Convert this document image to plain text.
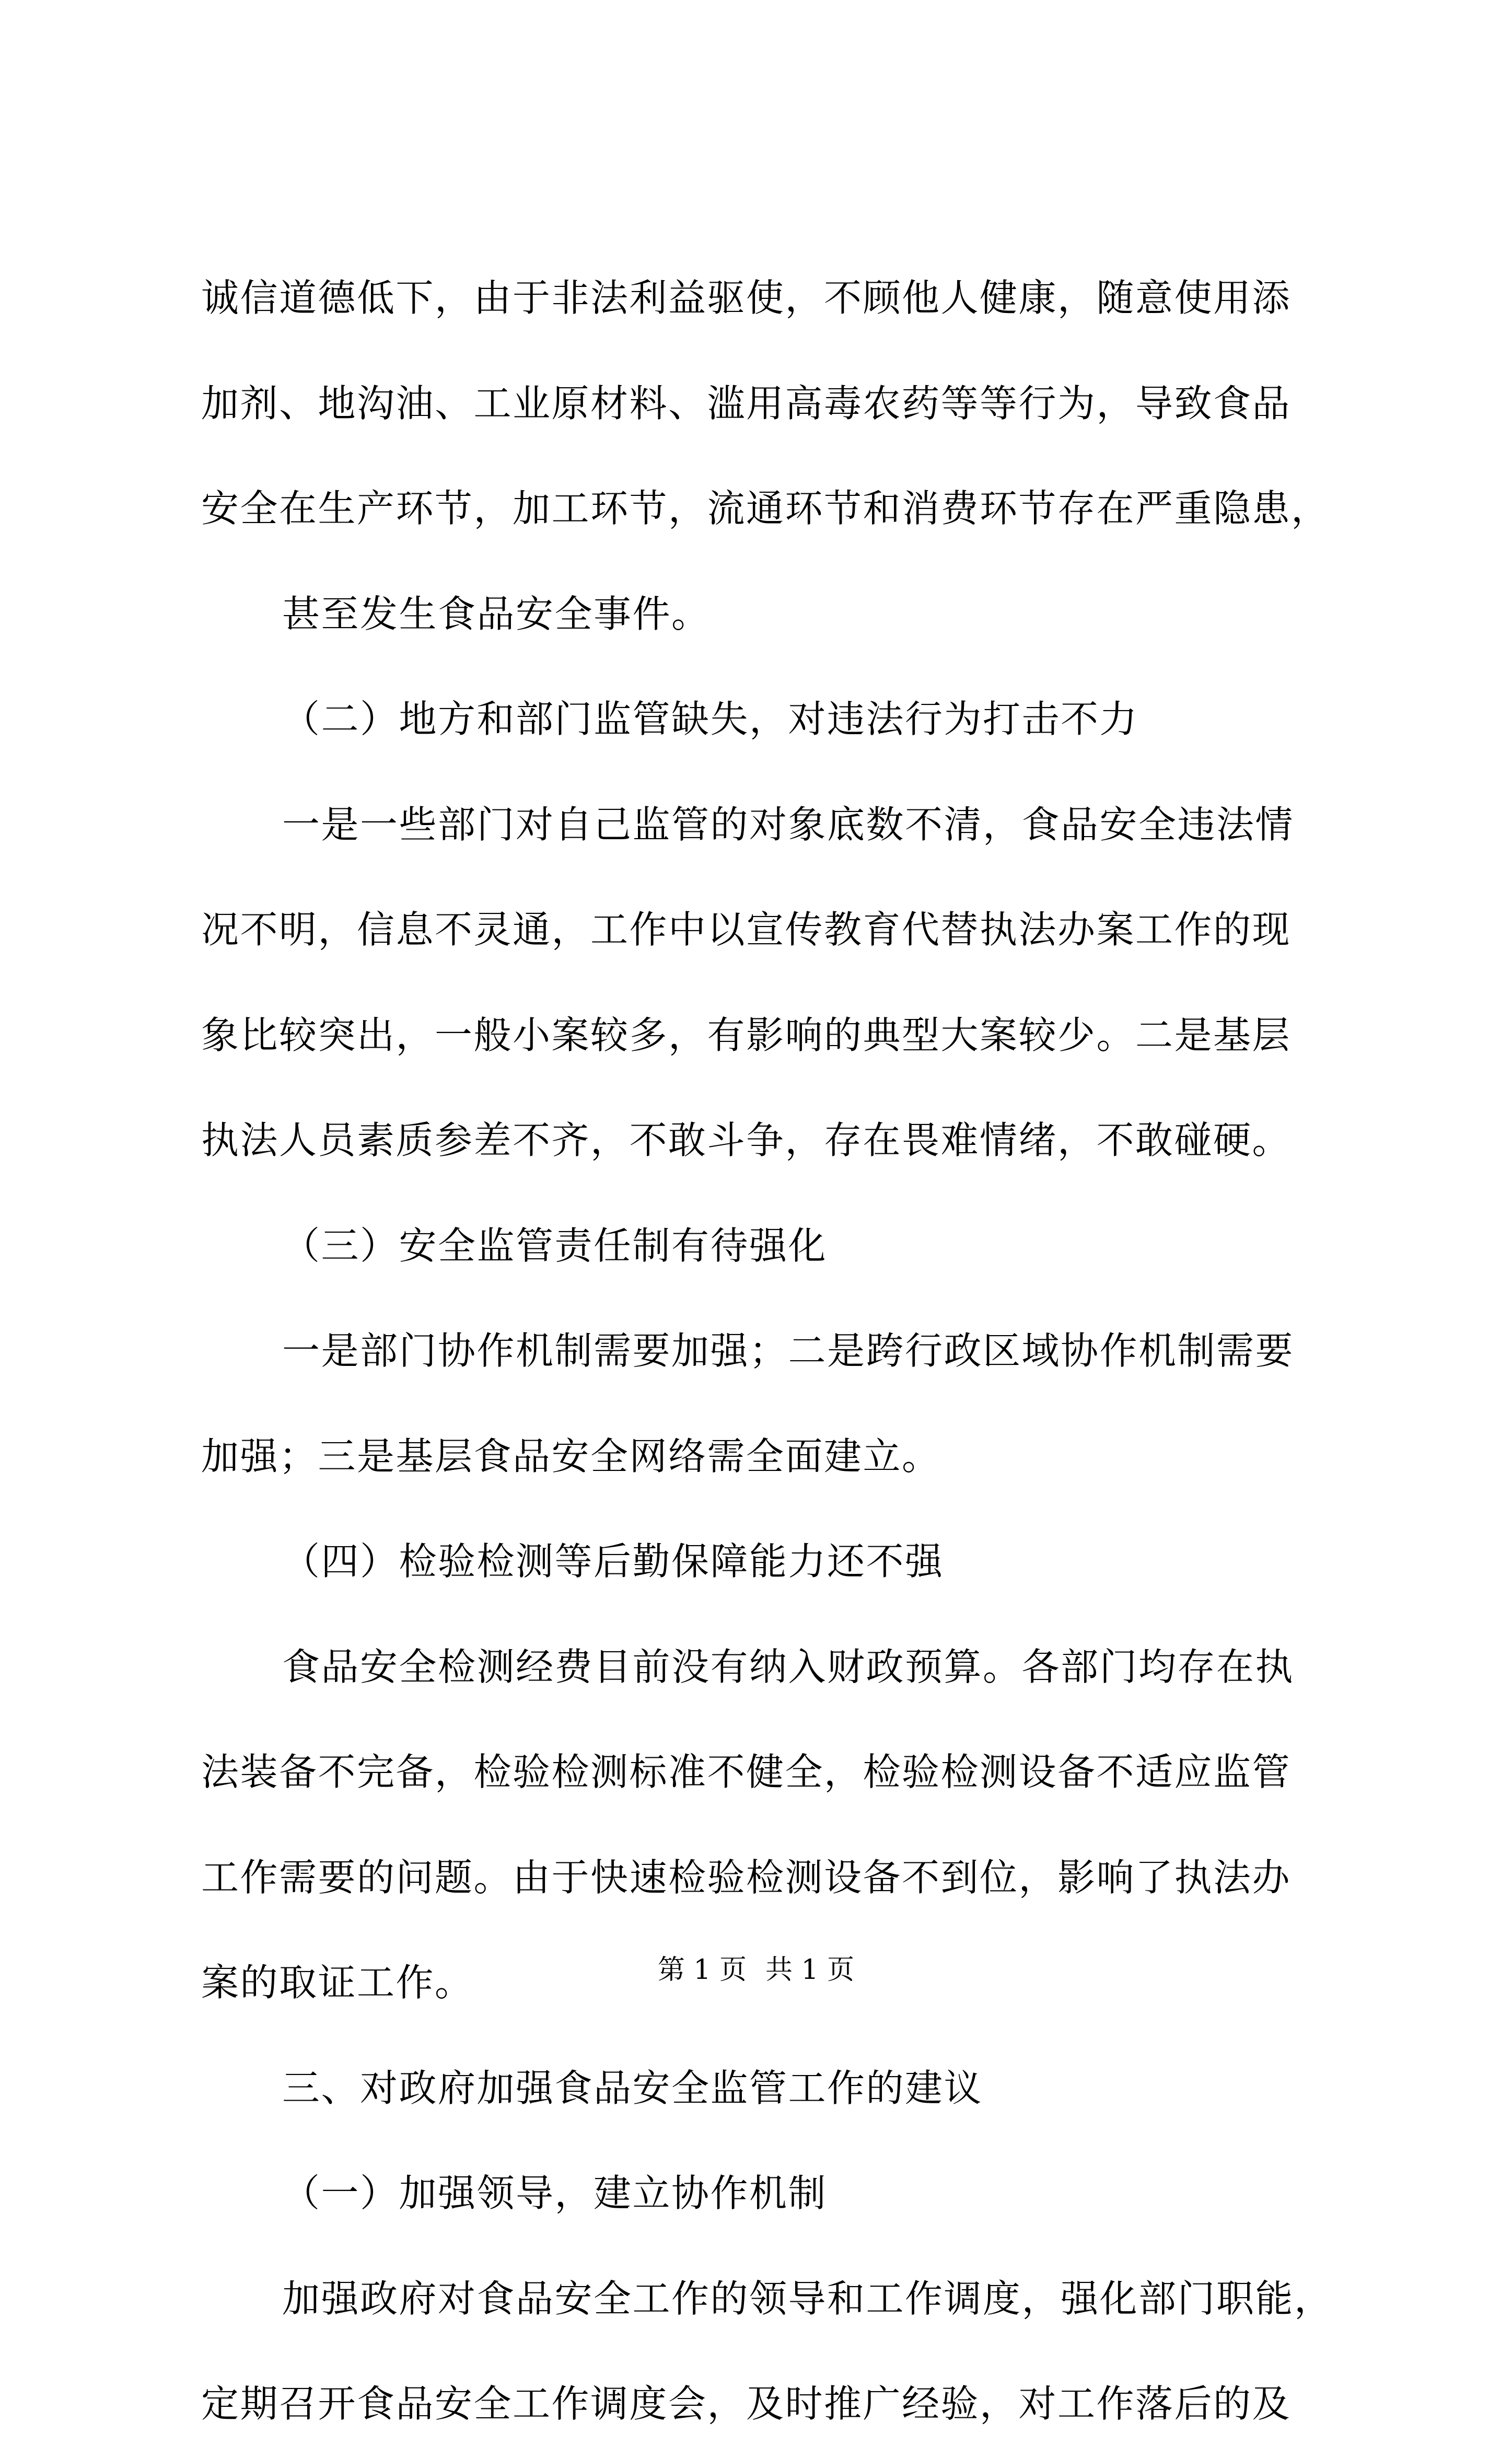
诚信道德低下，由于非法利益驱使，不顾他人健康，随意使用添
加剂、地沟油、工业原材料、滥用高毒农药等等行为，导致食品
安全在生产环节，加工环节，流通环节和消费环节存在严重隐患，
甚至发生食品安全事件。
（二）地方和部门监管缺失，对违法行为打击不力
一是一些部门对自己监管的对象底数不清，食品安全违法情
况不明，信息不灵通，工作中以宣传教育代替执法办案工作的现
象比较突出，一般小案较多，有影响的典型大案较少。二是基层
执法人员素质参差不齐，不敢斗争，存在畏难情绪，不敢碰硬。
（三）安全监管责任制有待强化
一是部门协作机制需要加强；二是跨行政区域协作机制需要
加强；三是基层食品安全网络需全面建立。
（四）检验检测等后勤保障能力还不强
食品安全检测经费目前没有纳入财政预算。各部门均存在执
法装备不完备，检验检测标准不健全，检验检测设备不适应监管
工作需要的问题。由于快速检验检测设备不到位，影响了执法办
案的取证工作。
三、对政府加强食品安全监管工作的建议
（一）加强领导，建立协作机制
加强政府对食品安全工作的领导和工作调度，强化部门职能，
定期召开食品安全工作调度会，及时推广经验，对工作落后的及
第 1 页 共 1 页
